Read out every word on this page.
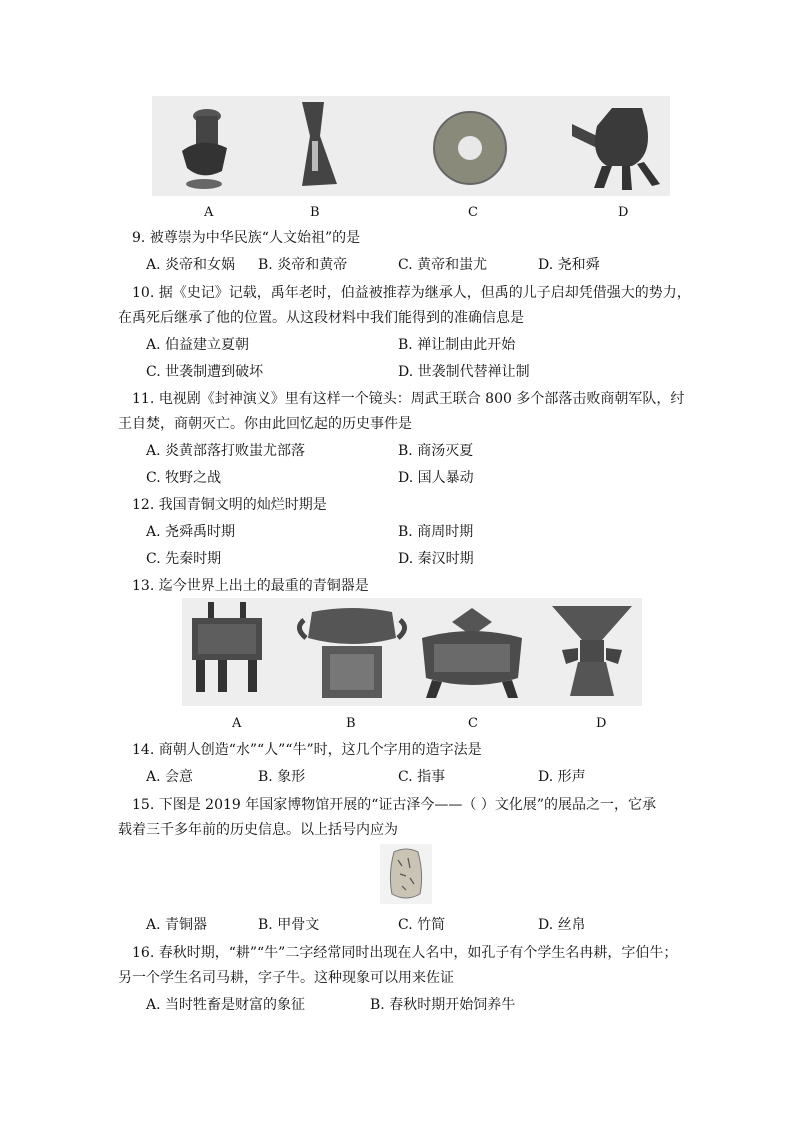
A	B	C	D
9. 被尊崇为中华民族“人文始祖”的是
A. 炎帝和女娲 B. 炎帝和黄帝	C. 黄帝和蚩尤	D. 尧和舜
10. 据《史记》记载，禹年老时，伯益被推荐为继承人，但禹的儿子启却凭借强大的势力，
在禹死后继承了他的位置。从这段材料中我们能得到的准确信息是
A. 伯益建立夏朝	B. 禅让制由此开始
C. 世袭制遭到破坏	D. 世袭制代替禅让制
11. 电视剧《封神演义》里有这样一个镜头：周武王联合 800 多个部落击败商朝军队，纣
王自焚，商朝灭亡。你由此回忆起的历史事件是
A. 炎黄部落打败蚩尤部落	B. 商汤灭夏
C. 牧野之战	D. 国人暴动
12. 我国青铜文明的灿烂时期是
A. 尧舜禹时期	B. 商周时期
C. 先秦时期	D. 秦汉时期
13. 迄今世界上出土的最重的青铜器是
A	B	C	D
14. 商朝人创造“水”“人”“牛”时，这几个字用的造字法是
A. 会意	B. 象形	C. 指事	D. 形声
15. 下图是 2019 年国家博物馆开展的“证古泽今——（ ）文化展”的展品之一，它承
载着三千多年前的历史信息。以上括号内应为
A. 青铜器	B. 甲骨文	C. 竹简	D. 丝帛
16. 春秋时期，“耕”“牛”二字经常同时出现在人名中，如孔子有个学生名冉耕，字伯牛；
另一个学生名司马耕，字子牛。这种现象可以用来佐证
A. 当时牲畜是财富的象征	B. 春秋时期开始饲养牛
